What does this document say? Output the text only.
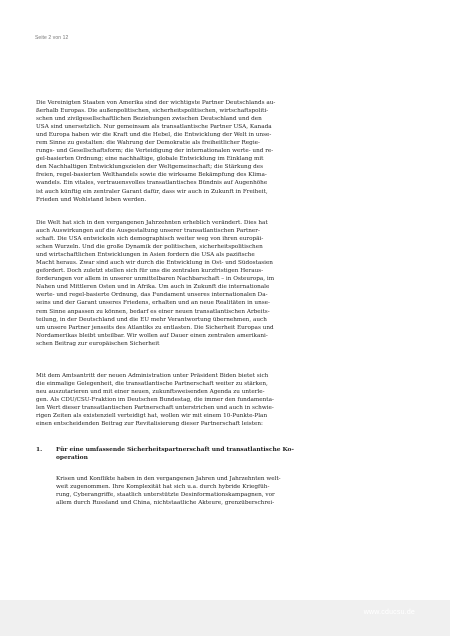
Seite 2 von 12
Die Vereinigten Staaten von Amerika sind der wichtigste Partner Deutschlands au-
ßerhalb Europas. Die außenpolitischen, sicherheitspolitischen, wirtschaftspoliti-
schen und zivilgesellschaftlichen Beziehungen zwischen Deutschland und den
USA sind unersetzlich. Nur gemeinsam als transatlantische Partner USA, Kanada
und Europa haben wir die Kraft und die Hebel, die Entwicklung der Welt in unse-
rem Sinne zu gestalten: die Wahrung der Demokratie als freiheitlicher Regie-
rungs- und Gesellschaftsform; die Verteidigung der internationalen werte- und re-
gel-basierten Ordnung; eine nachhaltige, globale Entwicklung im Einklang mit
den Nachhaltigen Entwicklungszielen der Weltgemeinschaft; die Stärkung des
freien, regel-basierten Welthandels sowie die wirksame Bekämpfung des Klima-
wandels. Ein vitales, vertrauensvolles transatlantisches Bündnis auf Augenhöhe
ist auch künftig ein zentraler Garant dafür, dass wir auch in Zukunft in Freiheit,
Frieden und Wohlstand leben werden.
Die Welt hat sich in den vergangenen Jahrzehnten erheblich verändert. Dies hat
auch Auswirkungen auf die Ausgestaltung unserer transatlantischen Partner-
schaft. Die USA entwickeln sich demographisch weiter weg von ihren europäi-
schen Wurzeln. Und die große Dynamik der politischen, sicherheitspolitischen
und wirtschaftlichen Entwicklungen in Asien fordern die USA als pazifische
Macht heraus. Zwar sind auch wir durch die Entwicklung in Ost- und Südostasien
gefordert. Doch zuletzt stellen sich für uns die zentralen kurzfristigen Heraus-
forderungen vor allem in unserer unmittelbaren Nachbarschaft – in Osteuropa, im
Nahen und Mittleren Osten und in Afrika. Um auch in Zukunft die internationale
werte- und regel-basierte Ordnung, das Fundament unseres internationalen Da-
seins und der Garant unseres Friedens, erhalten und an neue Realitäten in unse-
rem Sinne anpassen zu können, bedarf es einer neuen transatlantischen Arbeits-
teilung, in der Deutschland und die EU mehr Verantwortung übernehmen, auch
um unsere Partner jenseits des Atlantiks zu entlasten. Die Sicherheit Europas und
Nordamerikas bleibt unteilbar. Wir wollen auf Dauer einen zentralen amerikani-
schen Beitrag zur europäischen Sicherheit
Mit dem Amtsantritt der neuen Administration unter Präsident Biden bietet sich
die einmalige Gelegenheit, die transatlantische Partnerschaft weiter zu stärken,
neu auszutarieren und mit einer neuen, zukunftsweisenden Agenda zu unterle-
gen. Als CDU/CSU-Fraktion im Deutschen Bundestag, die immer den fundamenta-
len Wert dieser transatlantischen Partnerschaft unterstrichen und auch in schwie-
rigen Zeiten als existenziell verteidigt hat, wollen wir mit einem 10-Punkte-Plan
einen entscheidenden Beitrag zur Revitalisierung dieser Partnerschaft leisten:
1. Für eine umfassende Sicherheitspartnerschaft und transatlantische Ko-
operation
Krisen und Konflikte haben in den vergangenen Jahren und Jahrzehnten welt-
weit zugenommen. Ihre Komplexität hat sich u.a. durch hybride Kriegfüh-
rung, Cyberangriffe, staatlich unterstützte Desinformationskampagnen, vor
allem durch Russland und China, nichtstaatliche Akteure, grenzüberschrei-
www.cducsu.de
